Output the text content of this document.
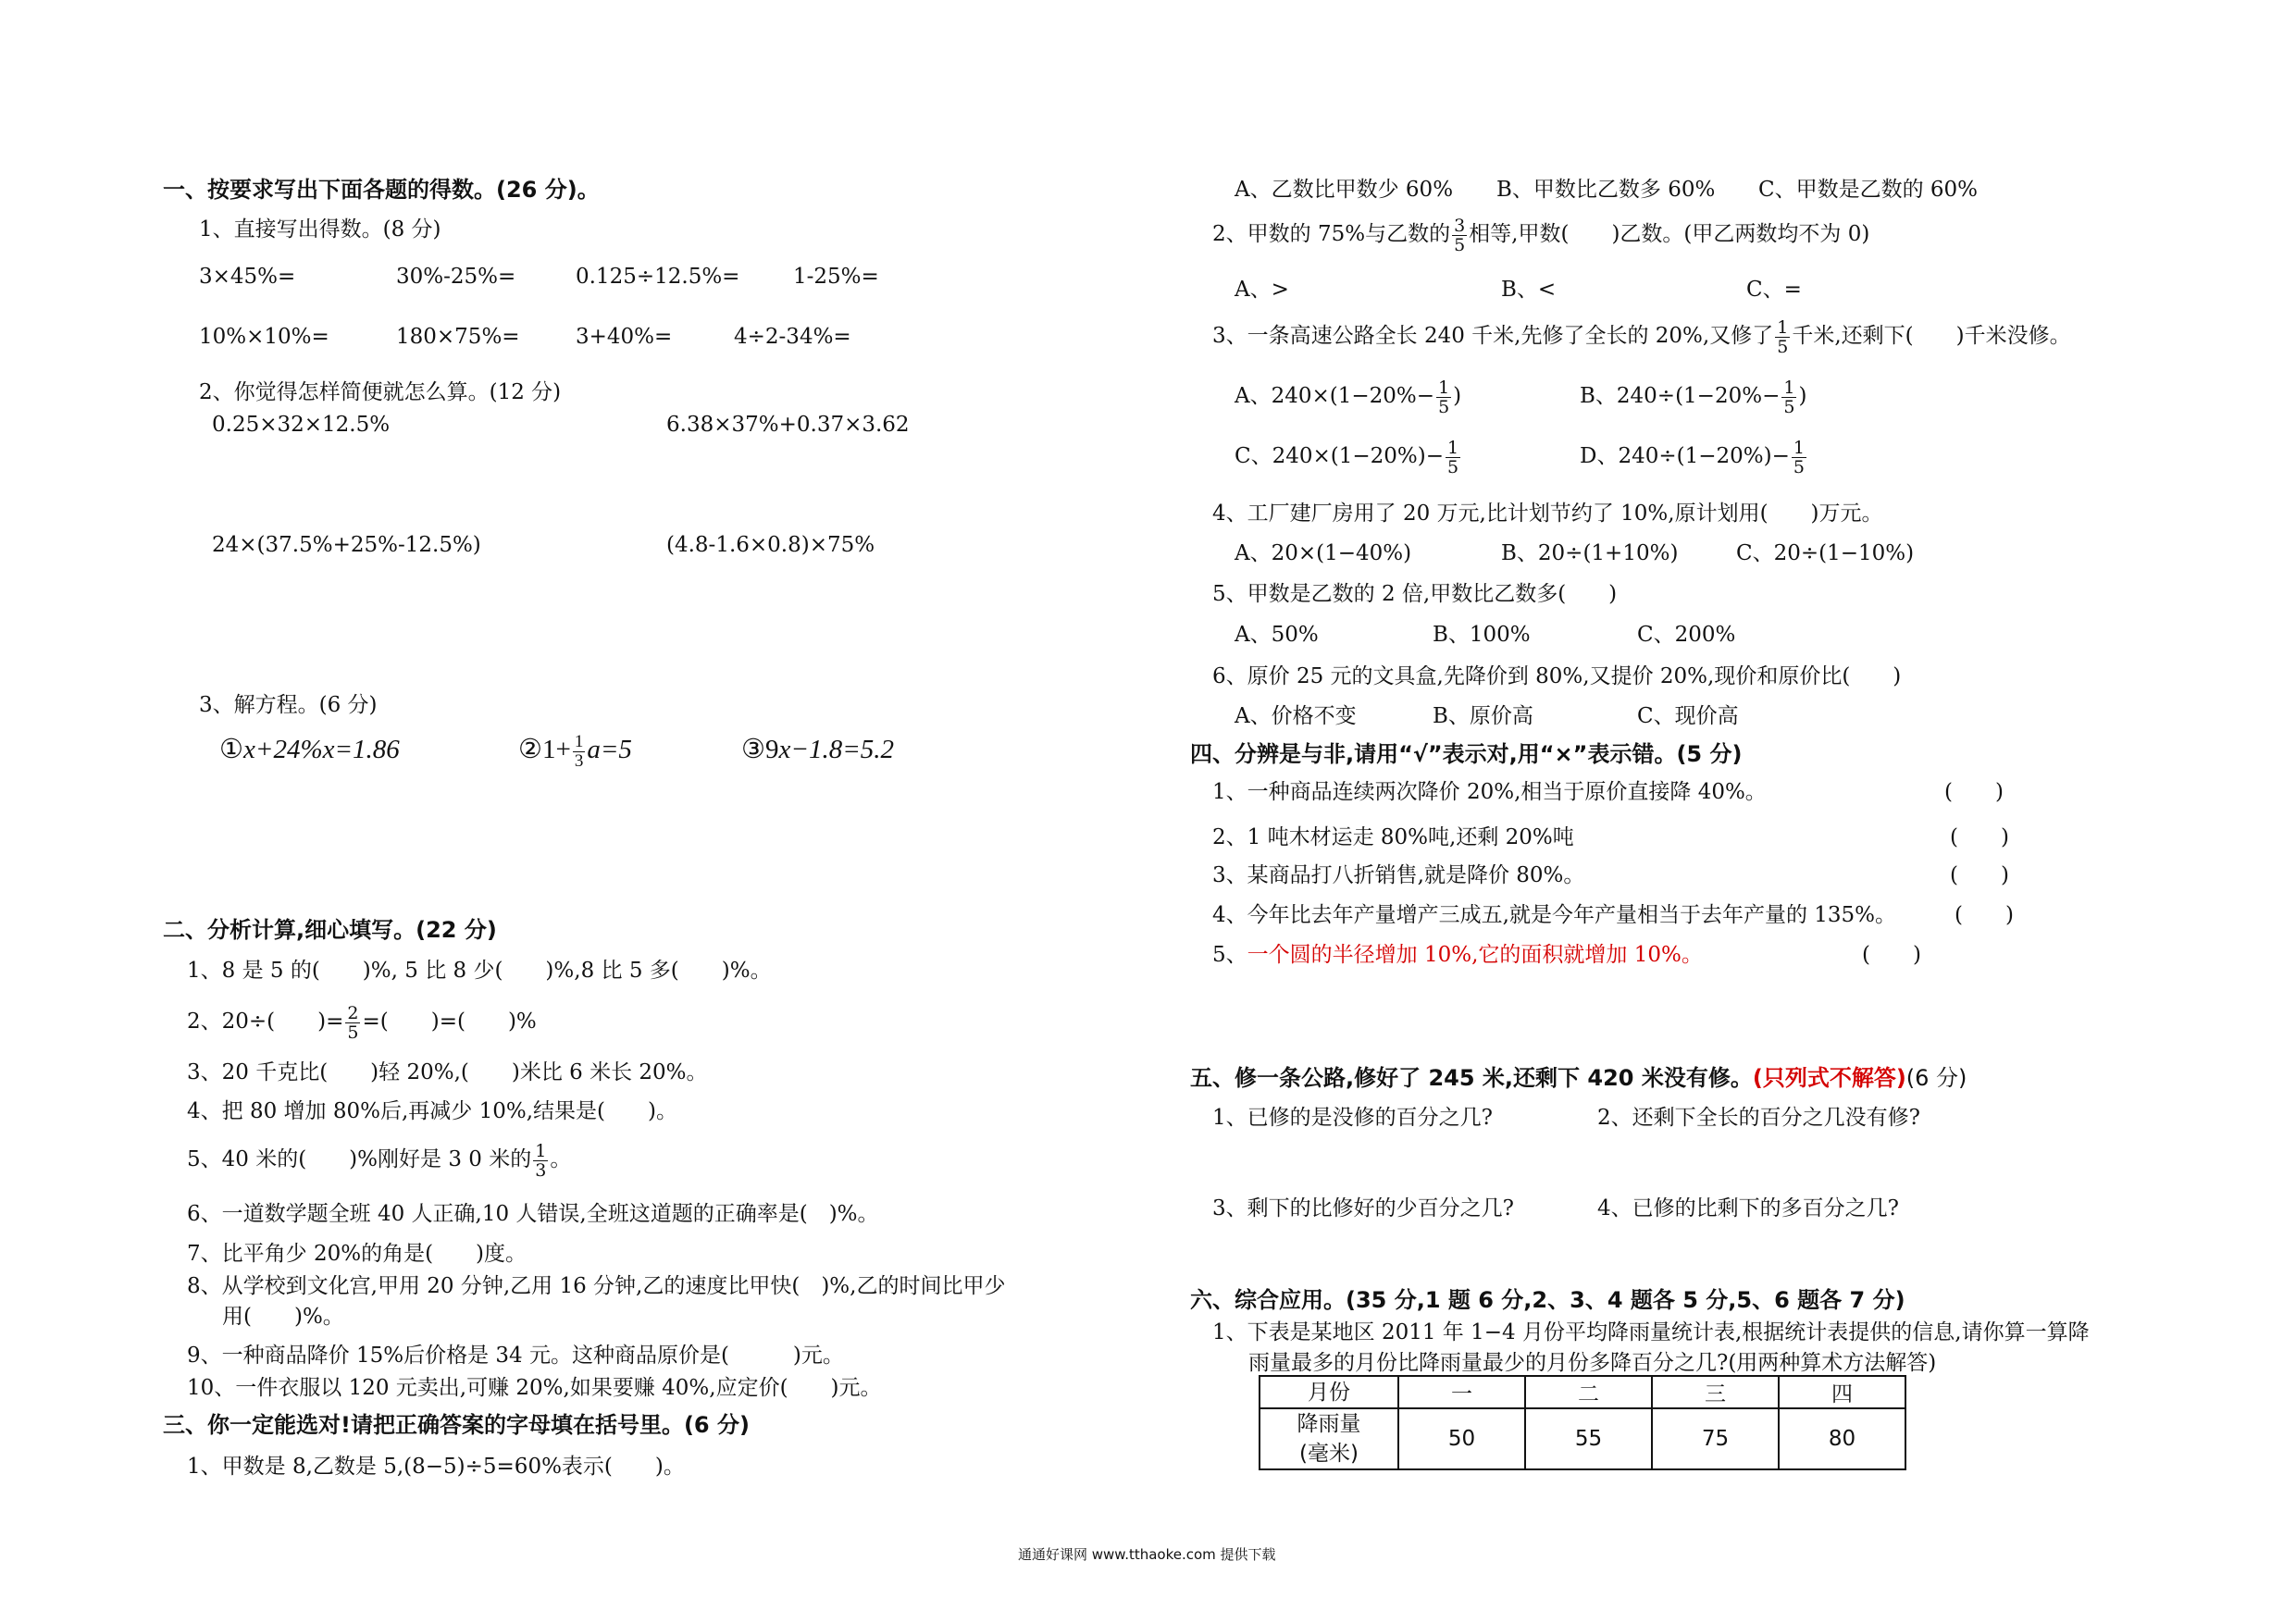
一、按要求写出下面各题的得数。(26 分)。
1、直接写出得数。(8 分)
3×45%=	30%-25%=	0.125÷12.5%=	1-25%=
10%×10%=	180×75%=	3+40%=	4÷2-34%=
2、你觉得怎样简便就怎么算。(12 分)
0.25×32×12.5%	6.38×37%+0.37×3.62
24×(37.5%+25%-12.5%)	(4.8-1.6×0.8)×75%
3、解方程。(6 分)
①x+24%x=1.86	②1+ $\frac{1}{3} a=5$	③9x−1.8=5.2
二、分析计算,细心填写。(22 分)
1、8 是 5 的(　　)%, 5 比 8 少(　　)%,8 比 5 多(　　)%。
2、20÷(　　)= $\frac{2}{5}$ =(　　)=(　　)%
3、20 千克比(　　)轻 20%,(　　)米比 6 米长 20%。
4、把 80 增加 80%后,再减少 10%,结果是(　　)。
5、40 米的(　　)%刚好是 3 0 米的 $\frac{1}{3}$ 。
6、一道数学题全班 40 人正确,10 人错误,全班这道题的正确率是(　)%。
7、比平角少 20%的角是(　　)度。
8、从学校到文化宫,甲用 20 分钟,乙用 16 分钟,乙的速度比甲快(　)%,乙的时间比甲少
用(　　)%。
9、一种商品降价 15%后价格是 34 元。这种商品原价是(　　　)元。
10、一件衣服以 120 元卖出,可赚 20%,如果要赚 40%,应定价(　　)元。
三、你一定能选对!请把正确答案的字母填在括号里。(6 分)
1、甲数是 8,乙数是 5,(8−5)÷5=60%表示(　　)。
A、乙数比甲数少 60% B、甲数比乙数多 60% C、甲数是乙数的 60%
2、甲数的 75%与乙数的 $\frac{3}{5}$ 相等,甲数(　　)乙数。(甲乙两数均不为 0)
A、>	B、<	C、=
3、一条高速公路全长 240 千米,先修了全长的 20%,又修了 $\frac{1}{5}$ 千米,还剩下(　　)千米没修。
A、$240\times(1-20\%- \frac{1}{5}$ )	B、$240\div(1-20\%- \frac{1}{5}$ )
C、$240\times(1-20\%)- \frac{1}{5}$	D、$240\div(1-20\%)- \frac{1}{5}$
4、工厂建厂房用了 20 万元,比计划节约了 10%,原计划用(　　)万元。
A、20×(1−40%)	B、20÷(1+10%)	C、20÷(1−10%)
5、甲数是乙数的 2 倍,甲数比乙数多(　　)
A、50%	B、100%	C、200%
6、原价 25 元的文具盒,先降价到 80%,又提价 20%,现价和原价比(　　)
A、价格不变	B、原价高	C、现价高
四、分辨是与非,请用“√”表示对,用“×”表示错。(5 分)
1、一种商品连续两次降价 20%,相当于原价直接降 40%。	(　　)
2、1 吨木材运走 80%吨,还剩 20%吨	(　　)
3、某商品打八折销售,就是降价 80%。	(　　)
4、今年比去年产量增产三成五,就是今年产量相当于去年产量的 135%。	(　　)
5、一个圆的半径增加 10%,它的面积就增加 10%。	(　　)
五、修一条公路,修好了 245 米,还剩下 420 米没有修。(只列式不解答)(6 分)
1、已修的是没修的百分之几?	2、还剩下全长的百分之几没有修?
3、剩下的比修好的少百分之几?	4、已修的比剩下的多百分之几?
六、综合应用。(35 分,1 题 6 分,2、3、4 题各 5 分,5、6 题各 7 分)
1、下表是某地区 2011 年 1−4 月份平均降雨量统计表,根据统计表提供的信息,请你算一算降
雨量最多的月份比降雨量最少的月份多降百分之几?(用两种算术方法解答)
月份	一	二	三	四

降雨量
(毫米)	50	55	75	80
通通好课网 www.tthaoke.com 提供下载
